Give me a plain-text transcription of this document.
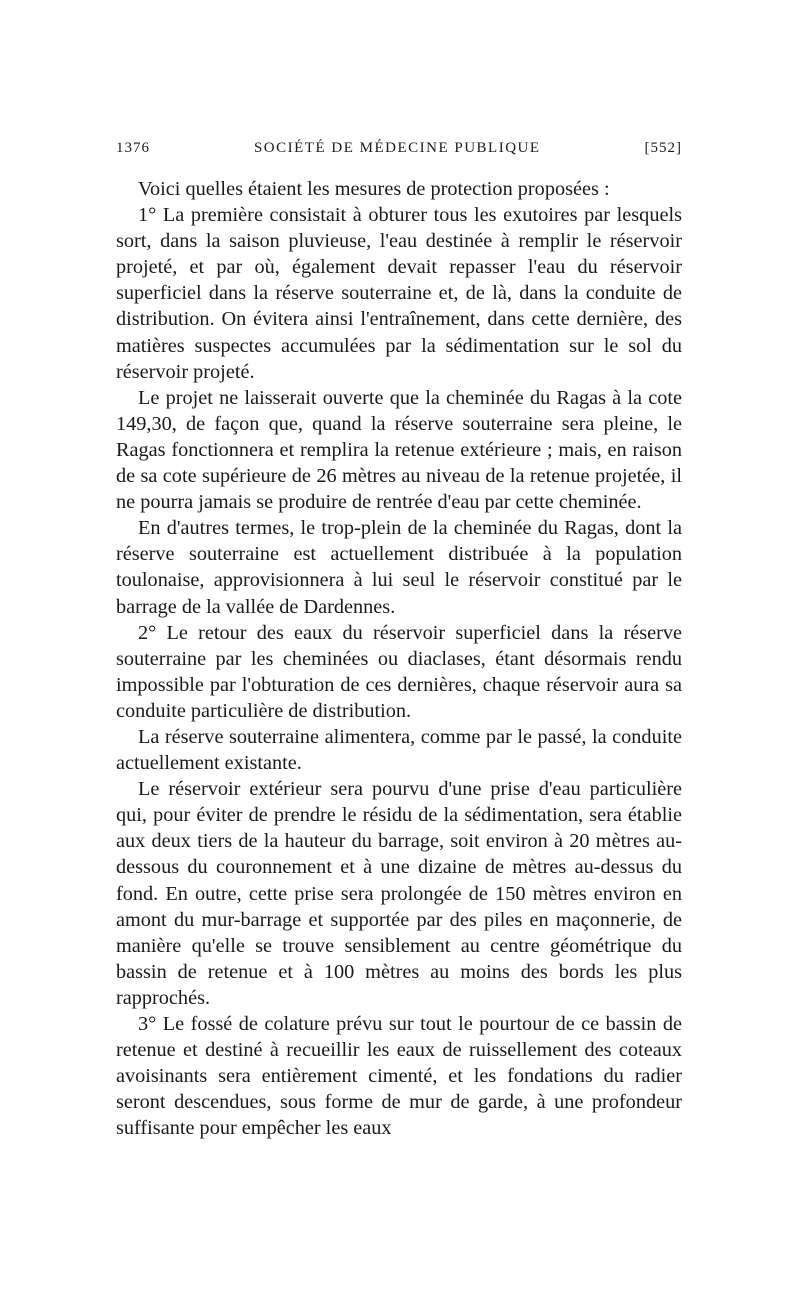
1376	SOCIÉTÉ DE MÉDECINE PUBLIQUE	[552]

Voici quelles étaient les mesures de protection proposées :

1° La première consistait à obturer tous les exutoires par lesquels sort, dans la saison pluvieuse, l'eau destinée à remplir le réservoir projeté, et par où, également devait repasser l'eau du réservoir superficiel dans la réserve souterraine et, de là, dans la conduite de distribution. On évitera ainsi l'entraînement, dans cette dernière, des matières suspectes accumulées par la sédimentation sur le sol du réservoir projeté.

Le projet ne laisserait ouverte que la cheminée du Ragas à la cote 149,30, de façon que, quand la réserve souterraine sera pleine, le Ragas fonctionnera et remplira la retenue extérieure ; mais, en raison de sa cote supérieure de 26 mètres au niveau de la retenue projetée, il ne pourra jamais se produire de rentrée d'eau par cette cheminée.

En d'autres termes, le trop-plein de la cheminée du Ragas, dont la réserve souterraine est actuellement distribuée à la population toulonaise, approvisionnera à lui seul le réservoir constitué par le barrage de la vallée de Dardennes.

2° Le retour des eaux du réservoir superficiel dans la réserve souterraine par les cheminées ou diaclases, étant désormais rendu impossible par l'obturation de ces dernières, chaque réservoir aura sa conduite particulière de distribution.

La réserve souterraine alimentera, comme par le passé, la conduite actuellement existante.

Le réservoir extérieur sera pourvu d'une prise d'eau particulière qui, pour éviter de prendre le résidu de la sédimentation, sera établie aux deux tiers de la hauteur du barrage, soit environ à 20 mètres au-dessous du couronnement et à une dizaine de mètres au-dessus du fond. En outre, cette prise sera prolongée de 150 mètres environ en amont du mur-barrage et supportée par des piles en maçonnerie, de manière qu'elle se trouve sensiblement au centre géométrique du bassin de retenue et à 100 mètres au moins des bords les plus rapprochés.

3° Le fossé de colature prévu sur tout le pourtour de ce bassin de retenue et destiné à recueillir les eaux de ruissellement des coteaux avoisinants sera entièrement cimenté, et les fondations du radier seront descendues, sous forme de mur de garde, à une profondeur suffisante pour empêcher les eaux
